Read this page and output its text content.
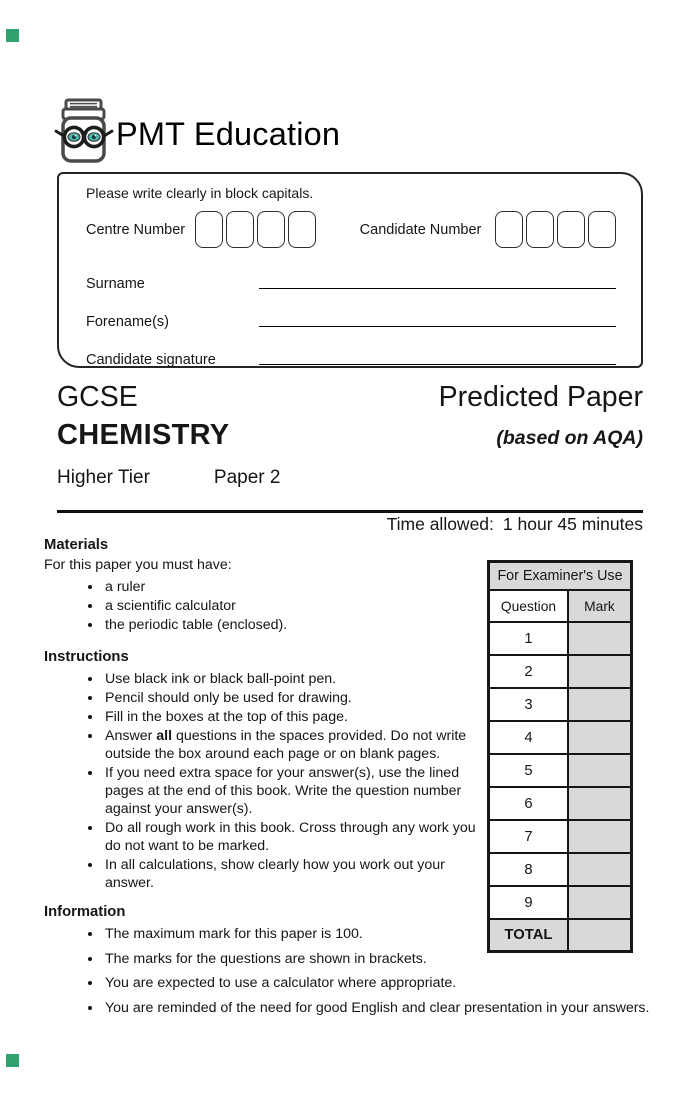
PMT Education
Please write clearly in block capitals.
Centre Number	Candidate Number
Surname
Forename(s)
Candidate signature
GCSE	Predicted Paper
CHEMISTRY	(based on AQA)
Higher Tier	Paper 2
Time allowed: 1 hour 45 minutes
Materials
For this paper you must have:
• a ruler
• a scientific calculator
• the periodic table (enclosed).
Instructions
• Use black ink or black ball-point pen.
• Pencil should only be used for drawing.
• Fill in the boxes at the top of this page.
• Answer all questions in the spaces provided. Do not write outside the box around each page or on blank pages.
• If you need extra space for your answer(s), use the lined pages at the end of this book. Write the question number against your answer(s).
• Do all rough work in this book. Cross through any work you do not want to be marked.
• In all calculations, show clearly how you work out your answer.
Information
• The maximum mark for this paper is 100.
• The marks for the questions are shown in brackets.
• You are expected to use a calculator where appropriate.
• You are reminded of the need for good English and clear presentation in your answers.
For Examiner's Use	
Question	Mark
1	
2	
3	
4	
5	
6	
7	
8	
9	
TOTAL	
